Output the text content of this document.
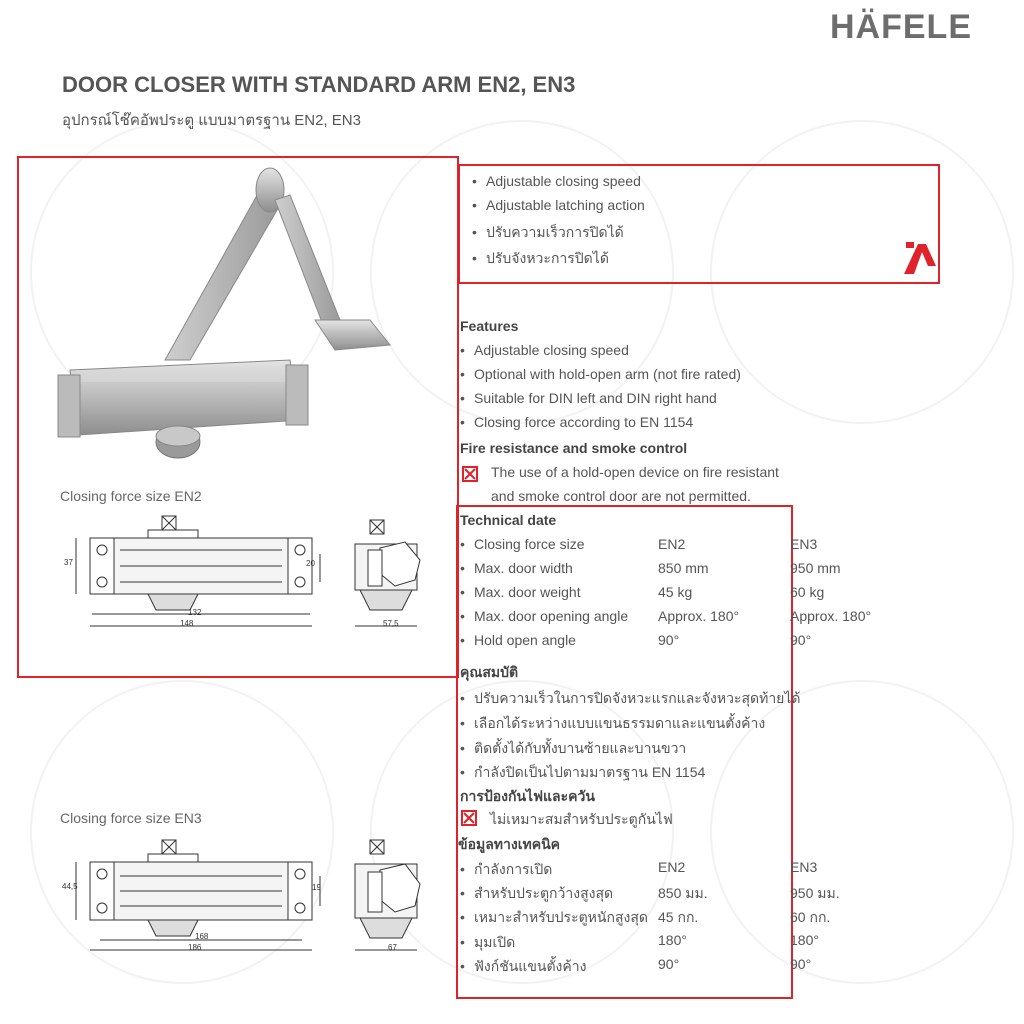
HÄFELE
DOOR CLOSER WITH STANDARD ARM EN2, EN3
อุปกรณ์โช๊คอัพประตู แบบมาตรฐาน EN2, EN3
Closing force size EN2
37	20
132
148	57,5
Closing force size EN3
44,5	19
168
186	67
• Adjustable closing speed
• Adjustable latching action
• ปรับความเร็วการปิดได้
• ปรับจังหวะการปิดได้
Features
• Adjustable closing speed
• Optional with hold-open arm (not fire rated)
• Suitable for DIN left and DIN right hand
• Closing force according to EN 1154
Fire resistance and smoke control
The use of a hold-open device on fire resistant
and smoke control door are not permitted.
Technical date
• Closing force size	EN2	EN3
• Max. door width	850 mm	950 mm
• Max. door weight	45 kg	60 kg
• Max. door opening angle Approx. 180°	Approx. 180°
• Hold open angle	90°	90°
คุณสมบัติ
• ปรับความเร็วในการปิดจังหวะแรกและจังหวะสุดท้ายได้
• เลือกได้ระหว่างแบบแขนธรรมดาและแขนตั้งค้าง
• ติดตั้งได้กับทั้งบานซ้ายและบานขวา
• กำลังปิดเป็นไปตามมาตรฐาน EN 1154
การป้องกันไฟและควัน
ไม่เหมาะสมสำหรับประตูกันไฟ
ข้อมูลทางเทคนิค
• กำลังการเปิด	EN2	EN3
• สำหรับประตูกว้างสูงสุด	850 มม.	950 มม.
• เหมาะสำหรับประตูหนักสูงสุด 45 กก.	60 กก.
• มุมเปิด	180°	180°
• ฟังก์ชันแขนตั้งค้าง	90°	90°
